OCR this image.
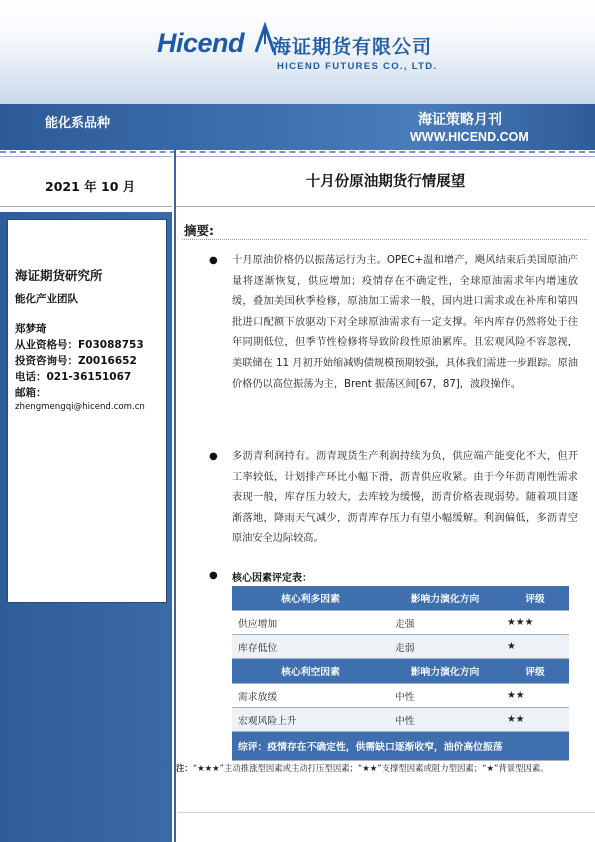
Hicend 海证期货有限公司
HICEND FUTURES CO., LTD.
能化系品种	海证策略月刊
WWW.HICEND.COM
2021 年 10 月	十月份原油期货行情展望
海证期货研究所
能化产业团队
郑梦琦
从业资格号：F03088753
投资咨询号：Z0016652
电话：021-36151067
邮箱：
zhengmengqi@hicend.com.cn
摘要:
● 十月原油价格仍以振荡运行为主。OPEC+温和增产，飓风结束后美国原油产量将逐渐恢复，供应增加；疫情存在不确定性，全球原油需求年内增速放缓，叠加美国秋季检修，原油加工需求一般，国内进口需求或在补库和第四批进口配额下放驱动下对全球原油需求有一定支撑。年内库存仍然将处于往年同期低位，但季节性检修将导致阶段性原油累库。且宏观风险不容忽视，美联储在 11 月初开始缩减购债规模预期较强，具体我们需进一步跟踪。原油价格仍以高位振荡为主，Brent 振荡区间[67，87]，波段操作。

● 多沥青利润持有。沥青现货生产利润持续为负，供应端产能变化不大，但开工率较低，计划排产环比小幅下滑，沥青供应收紧。由于今年沥青刚性需求表现一般，库存压力较大，去库较为缓慢，沥青价格表现弱势。随着项目逐渐落地，降雨天气减少，沥青库存压力有望小幅缓解。利润偏低，多沥青空原油安全边际较高。

● 核心因素评定表：
核心利多因素	影响力演化方向	评级
供应增加	走强	★★★
库存低位	走弱	★
核心利空因素	影响力演化方向	评级
需求放缓	中性	★★
宏观风险上升	中性	★★
综评：疫情存在不确定性，供需缺口逐渐收窄，油价高位振荡		
注：“★★★”主动推涨型因素或主动打压型因素；“★★”支撑型因素或阻力型因素；“★”背景型因素。
